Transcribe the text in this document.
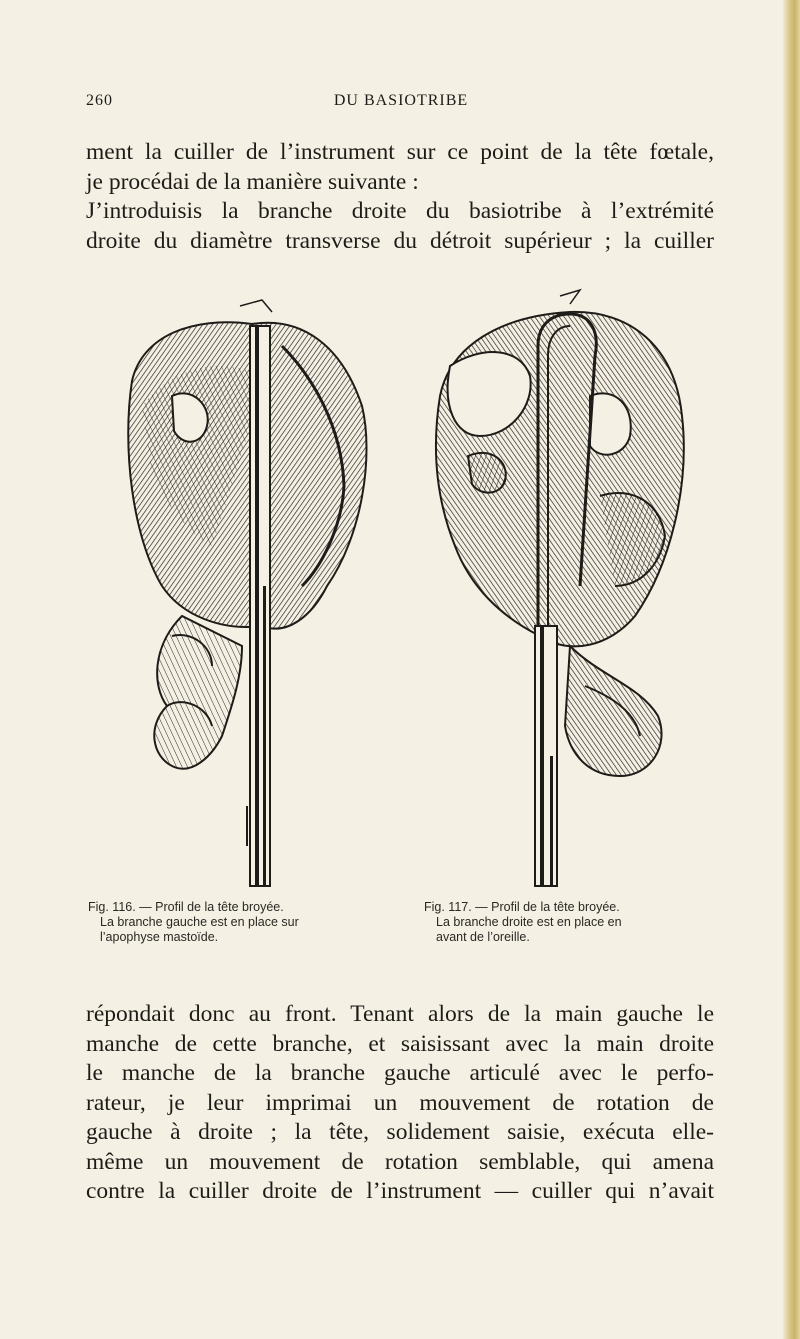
260	DU BASIOTRIBE

ment la cuiller de l’instrument sur ce point de la tête fœtale,

je procédai de la manière suivante :

J’introduisis la branche droite du basiotribe à l’extrémité

droite du diamètre transverse du détroit supérieur ; la cuiller

Fig. 116. — Profil de la tête broyée.
La branche gauche est en place sur
l’apophyse mastoïde.
Fig. 117. — Profil de la tête broyée.
La branche droite est en place en
avant de l’oreille.

répondait donc au front. Tenant alors de la main gauche le

manche de cette branche, et saisissant avec la main droite

le manche de la branche gauche articulé avec le perfo-

rateur, je leur imprimai un mouvement de rotation de

gauche à droite ; la tête, solidement saisie, exécuta elle-

même un mouvement de rotation semblable, qui amena

contre la cuiller droite de l’instrument — cuiller qui n’avait
